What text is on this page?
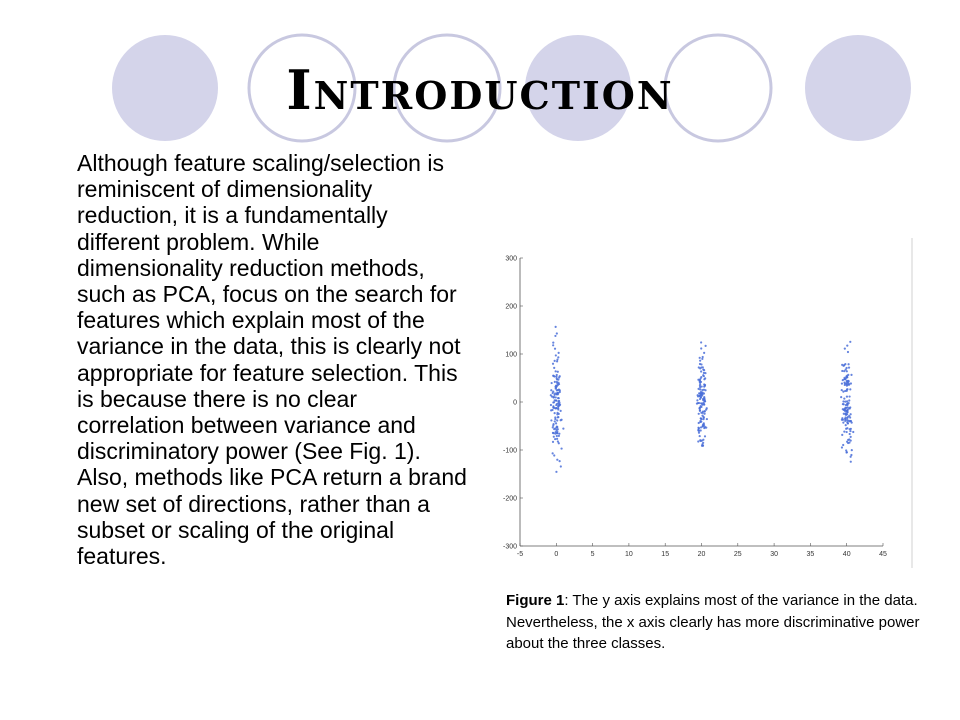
Introduction

Although feature scaling/selection is reminiscent of dimensionality reduction, it is a fundamentally different problem. While dimensionality reduction methods, such as PCA, focus on the search for features which explain most of the variance in the data, this is clearly not appropriate for feature selection. This is because there is no clear correlation between variance and discriminatory power (See Fig. 1). Also, methods like PCA return a brand new set of directions, rather than a subset or scaling of the original features.	-5	0	5	10	15	20	25	30	35	40	45
300
200
100
0
-100
-200
-300

Figure 1: The y axis explains most of the variance in the data. Nevertheless, the x axis clearly has more discriminative power about the three classes.
